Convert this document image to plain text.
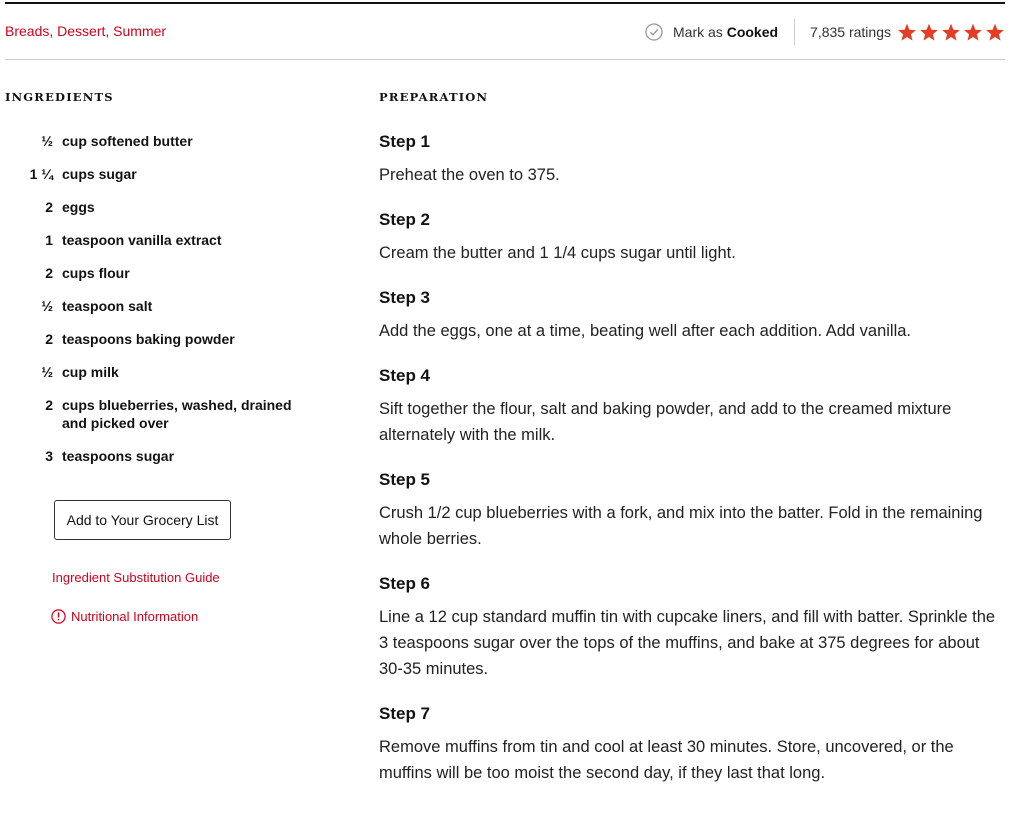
Breads, Dessert, Summer	Mark as Cooked 7,835 ratings
INGREDIENTS	PREPARATION
½ cup softened butter
1 ¼ cups sugar
2 eggs
1 teaspoon vanilla extract
2 cups flour
½ teaspoon salt
2 teaspoons baking powder
½ cup milk
2 cups blueberries, washed, drained and picked over
3 teaspoons sugar
Add to Your Grocery List
Ingredient Substitution Guide
Nutritional Information
Step 1
Preheat the oven to 375.
Step 2
Cream the butter and 1 1/4 cups sugar until light.
Step 3
Add the eggs, one at a time, beating well after each addition. Add vanilla.
Step 4
Sift together the flour, salt and baking powder, and add to the creamed mixture alternately with the milk.
Step 5
Crush 1/2 cup blueberries with a fork, and mix into the batter. Fold in the remaining whole berries.
Step 6
Line a 12 cup standard muffin tin with cupcake liners, and fill with batter. Sprinkle the 3 teaspoons sugar over the tops of the muffins, and bake at 375 degrees for about 30-35 minutes.
Step 7
Remove muffins from tin and cool at least 30 minutes. Store, uncovered, or the muffins will be too moist the second day, if they last that long.
